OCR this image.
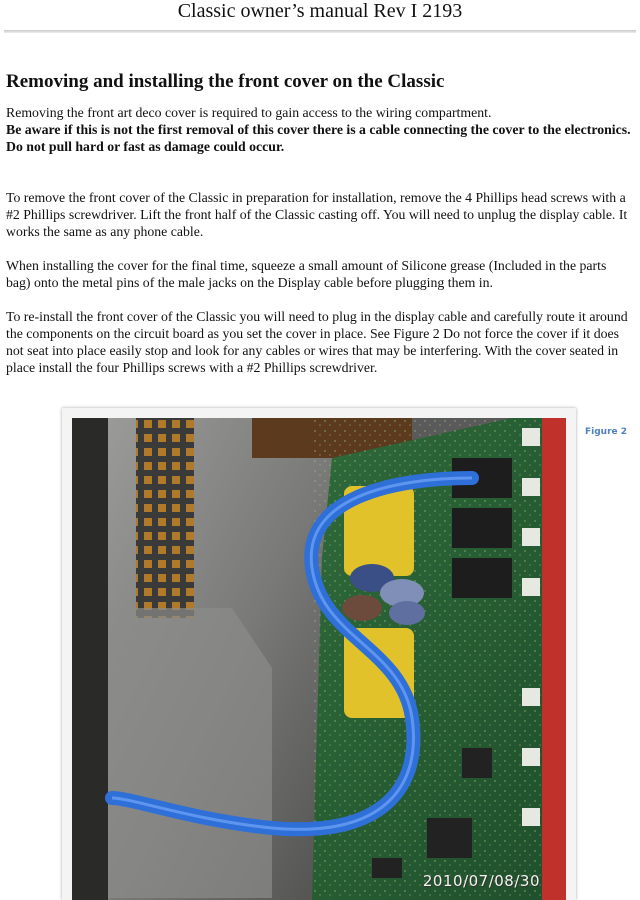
Classic owner’s manual Rev I 2193
Removing and installing the front cover on the Classic

Removing the front art deco cover is required to gain access to the wiring compartment.
Be aware if this is not the first removal of this cover there is a cable connecting the cover to the electronics. Do not pull hard or fast as damage could occur.

To remove the front cover of the Classic in preparation for installation, remove the 4 Phillips head screws with a #2 Phillips screwdriver. Lift the front half of the Classic casting off. You will need to unplug the display cable. It works the same as any phone cable.

When installing the cover for the final time, squeeze a small amount of Silicone grease (Included in the parts bag) onto the metal pins of the male jacks on the Display cable before plugging them in.

To re-install the front cover of the Classic you will need to plug in the display cable and carefully route it around the components on the circuit board as you set the cover in place. See Figure 2 Do not force the cover if it does not seat into place easily stop and look for any cables or wires that may be interfering. With the cover seated in place install the four Phillips screws with a #2 Phillips screwdriver.

2010/07/08/30
Figure 2
